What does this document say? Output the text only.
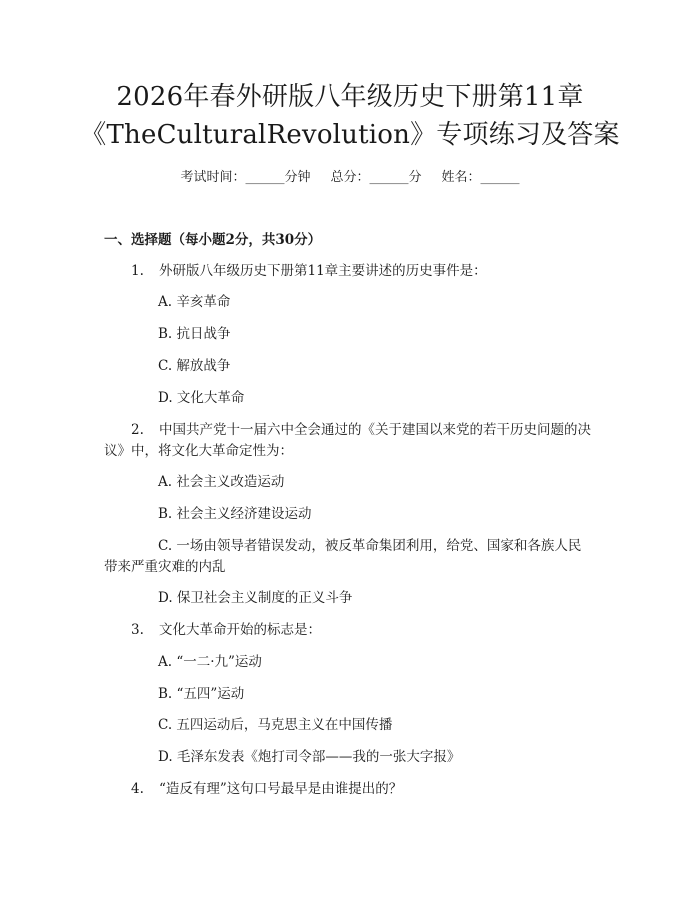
2026年春外研版八年级历史下册第11章
《TheCulturalRevolution》专项练习及答案
考试时间：______分钟 总分：______分 姓名：______
一、选择题（每小题2分，共30分）
1. 外研版八年级历史下册第11章主要讲述的历史事件是：
A. 辛亥革命
B. 抗日战争
C. 解放战争
D. 文化大革命
2. 中国共产党十一届六中全会通过的《关于建国以来党的若干历史问题的决
议》中，将文化大革命定性为：
A. 社会主义改造运动
B. 社会主义经济建设运动
C. 一场由领导者错误发动，被反革命集团利用，给党、国家和各族人民
带来严重灾难的内乱
D. 保卫社会主义制度的正义斗争
3. 文化大革命开始的标志是：
A. “一二·九”运动
B. “五四”运动
C. 五四运动后，马克思主义在中国传播
D. 毛泽东发表《炮打司令部——我的一张大字报》
4. “造反有理”这句口号最早是由谁提出的？
